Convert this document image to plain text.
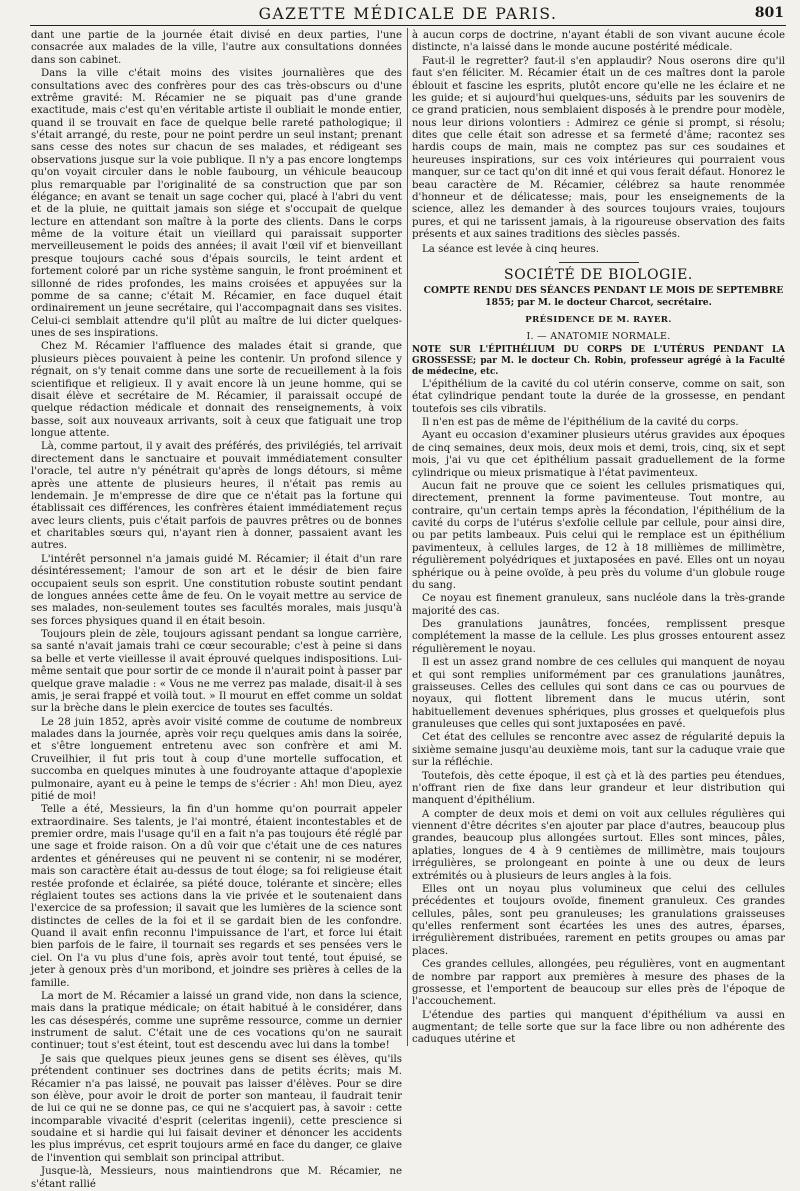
GAZETTE MÉDICALE DE PARIS.	801

dant une partie de la journée était divisé en deux parties, l'une consacrée aux malades de la ville, l'autre aux consultations données dans son cabinet.

Dans la ville c'était moins des visites journalières que des consultations avec des confrères pour des cas très-obscurs ou d'une extrême gravité: M. Récamier ne se piquait pas d'une grande exactitude, mais c'est qu'en véritable artiste il oubliait le monde entier, quand il se trouvait en face de quelque belle rareté pathologique; il s'était arrangé, du reste, pour ne point perdre un seul instant; prenant sans cesse des notes sur chacun de ses malades, et rédigeant ses observations jusque sur la voie publique. Il n'y a pas encore longtemps qu'on voyait circuler dans le noble faubourg, un véhicule beaucoup plus remarquable par l'originalité de sa construction que par son élégance; en avant se tenait un sage cocher qui, placé à l'abri du vent et de la pluie, ne quittait jamais son siége et s'occupait de quelque lecture en attendant son maître à la porte des clients. Dans le corps même de la voiture était un vieillard qui paraissait supporter merveilleusement le poids des années; il avait l'œil vif et bienveillant presque toujours caché sous d'épais sourcils, le teint ardent et fortement coloré par un riche système sanguin, le front proéminent et sillonné de rides profondes, les mains croisées et appuyées sur la pomme de sa canne; c'était M. Récamier, en face duquel était ordinairement un jeune secrétaire, qui l'accompagnait dans ses visites. Celui-ci semblait attendre qu'il plût au maître de lui dicter quelques-unes de ses inspirations.

Chez M. Récamier l'affluence des malades était si grande, que plusieurs pièces pouvaient à peine les contenir. Un profond silence y régnait, on s'y tenait comme dans une sorte de recueillement à la fois scientifique et religieux. Il y avait encore là un jeune homme, qui se disait élève et secrétaire de M. Récamier, il paraissait occupé de quelque rédaction médicale et donnait des renseignements, à voix basse, soit aux nouveaux arrivants, soit à ceux que fatiguait une trop longue attente.

Là, comme partout, il y avait des préférés, des privilégiés, tel arrivait directement dans le sanctuaire et pouvait immédiatement consulter l'oracle, tel autre n'y pénétrait qu'après de longs détours, si même après une attente de plusieurs heures, il n'était pas remis au lendemain. Je m'empresse de dire que ce n'était pas la fortune qui établissait ces différences, les confrères étaient immédiatement reçus avec leurs clients, puis c'était parfois de pauvres prêtres ou de bonnes et charitables sœurs qui, n'ayant rien à donner, passaient avant les autres.

L'intérêt personnel n'a jamais guidé M. Récamier; il était d'un rare désintéressement; l'amour de son art et le désir de bien faire occupaient seuls son esprit. Une constitution robuste soutint pendant de longues années cette âme de feu. On le voyait mettre au service de ses malades, non-seulement toutes ses facultés morales, mais jusqu'à ses forces physiques quand il en était besoin.

Toujours plein de zèle, toujours agissant pendant sa longue carrière, sa santé n'avait jamais trahi ce cœur secourable; c'est à peine si dans sa belle et verte vieillesse il avait éprouvé quelques indispositions. Lui-même sentait que pour sortir de ce monde il n'aurait point à passer par quelque grave maladie : « Vous ne me verrez pas malade, disait-il à ses amis, je serai frappé et voilà tout. » Il mourut en effet comme un soldat sur la brèche dans le plein exercice de toutes ses facultés.

Le 28 juin 1852, après avoir visité comme de coutume de nombreux malades dans la journée, après voir reçu quelques amis dans la soirée, et s'être longuement entretenu avec son confrère et ami M. Cruveilhier, il fut pris tout à coup d'une mortelle suffocation, et succomba en quelques minutes à une foudroyante attaque d'apoplexie pulmonaire, ayant eu à peine le temps de s'écrier : Ah! mon Dieu, ayez pitié de moi!

Telle a été, Messieurs, la fin d'un homme qu'on pourrait appeler extraordinaire. Ses talents, je l'ai montré, étaient incontestables et de premier ordre, mais l'usage qu'il en a fait n'a pas toujours été réglé par une sage et froide raison. On a dû voir que c'était une de ces natures ardentes et généreuses qui ne peuvent ni se contenir, ni se modérer, mais son caractère était au-dessus de tout éloge; sa foi religieuse était restée profonde et éclairée, sa piété douce, tolérante et sincère; elles réglaient toutes ses actions dans la vie privée et le soutenaient dans l'exercice de sa profession; il savait que les lumières de la science sont distinctes de celles de la foi et il se gardait bien de les confondre. Quand il avait enfin reconnu l'impuissance de l'art, et force lui était bien parfois de le faire, il tournait ses regards et ses pensées vers le ciel. On l'a vu plus d'une fois, après avoir tout tenté, tout épuisé, se jeter à genoux près d'un moribond, et joindre ses prières à celles de la famille.

La mort de M. Récamier a laissé un grand vide, non dans la science, mais dans la pratique médicale; on était habitué à le considérer, dans les cas désespérés, comme une suprême ressource, comme un dernier instrument de salut. C'était une de ces vocations qu'on ne saurait continuer; tout s'est éteint, tout est descendu avec lui dans la tombe!

Je sais que quelques pieux jeunes gens se disent ses élèves, qu'ils prétendent continuer ses doctrines dans de petits écrits; mais M. Récamier n'a pas laissé, ne pouvait pas laisser d'élèves. Pour se dire son élève, pour avoir le droit de porter son manteau, il faudrait tenir de lui ce qui ne se donne pas, ce qui ne s'acquiert pas, à savoir : cette incomparable vivacité d'esprit (celeritas ingenii), cette prescience si soudaine et si hardie qui lui faisait deviner et dénoncer les accidents les plus imprévus, cet esprit toujours armé en face du danger, ce glaive de l'invention qui semblait son principal attribut.

Jusque-là, Messieurs, nous maintiendrons que M. Récamier, ne s'étant rallié

à aucun corps de doctrine, n'ayant établi de son vivant aucune école distincte, n'a laissé dans le monde aucune postérité médicale.

Faut-il le regretter? faut-il s'en applaudir? Nous oserons dire qu'il faut s'en féliciter. M. Récamier était un de ces maîtres dont la parole éblouit et fascine les esprits, plutôt encore qu'elle ne les éclaire et ne les guide; et si aujourd'hui quelques-uns, séduits par les souvenirs de ce grand praticien, nous semblaient disposés à le prendre pour modèle, nous leur dirions volontiers : Admirez ce génie si prompt, si résolu; dites que celle était son adresse et sa fermeté d'âme; racontez ses hardis coups de main, mais ne comptez pas sur ces soudaines et heureuses inspirations, sur ces voix intérieures qui pourraient vous manquer, sur ce tact qu'on dit inné et qui vous ferait défaut. Honorez le beau caractère de M. Récamier, célébrez sa haute renommée d'honneur et de délicatesse; mais, pour les enseignements de la science, allez les demander à des sources toujours vraies, toujours pures, et qui ne tarissent jamais, à la rigoureuse observation des faits présents et aux saines traditions des siècles passés.

La séance est levée à cinq heures.

SOCIÉTÉ DE BIOLOGIE.

COMPTE RENDU DES SÉANCES PENDANT LE MOIS DE SEPTEMBRE 1855; par M. le docteur Charcot, secrétaire.

PRÉSIDENCE DE M. RAYER.
I. — ANATOMIE NORMALE.

NOTE SUR L'ÉPITHÉLIUM DU CORPS DE L'UTÉRUS PENDANT LA GROSSESSE; par M. le docteur Ch. Robin, professeur agrégé à la Faculté de médecine, etc.

L'épithélium de la cavité du col utérin conserve, comme on sait, son état cylindrique pendant toute la durée de la grossesse, en pendant toutefois ses cils vibratils.

Il n'en est pas de même de l'épithélium de la cavité du corps.

Ayant eu occasion d'examiner plusieurs utérus gravides aux époques de cinq semaines, deux mois, deux mois et demi, trois, cinq, six et sept mois, j'ai vu que cet épithélium passait graduellement de la forme cylindrique ou mieux prismatique à l'état pavimenteux.

Aucun fait ne prouve que ce soient les cellules prismatiques qui, directement, prennent la forme pavimenteuse. Tout montre, au contraire, qu'un certain temps après la fécondation, l'épithélium de la cavité du corps de l'utérus s'exfolie cellule par cellule, pour ainsi dire, ou par petits lambeaux. Puis celui qui le remplace est un épithélium pavimenteux, à cellules larges, de 12 à 18 millièmes de millimètre, régulièrement polyédriques et juxtaposées en pavé. Elles ont un noyau sphérique ou à peine ovoïde, à peu près du volume d'un globule rouge du sang.

Ce noyau est finement granuleux, sans nucléole dans la très-grande majorité des cas.

Des granulations jaunâtres, foncées, remplissent presque complétement la masse de la cellule. Les plus grosses entourent assez régulièrement le noyau.

Il est un assez grand nombre de ces cellules qui manquent de noyau et qui sont remplies uniformément par ces granulations jaunâtres, graisseuses. Celles des cellules qui sont dans ce cas ou pourvues de noyaux, qui flottent librement dans le mucus utérin, sont habituellement devenues sphériques, plus grosses et quelquefois plus granuleuses que celles qui sont juxtaposées en pavé.

Cet état des cellules se rencontre avec assez de régularité depuis la sixième semaine jusqu'au deuxième mois, tant sur la caduque vraie que sur la réfléchie.

Toutefois, dès cette époque, il est çà et là des parties peu étendues, n'offrant rien de fixe dans leur grandeur et leur distribution qui manquent d'épithélium.

A compter de deux mois et demi on voit aux cellules régulières qui viennent d'être décrites s'en ajouter par place d'autres, beaucoup plus grandes, beaucoup plus allongées surtout. Elles sont minces, pâles, aplaties, longues de 4 à 9 centièmes de millimètre, mais toujours irrégulières, se prolongeant en pointe à une ou deux de leurs extrémités ou à plusieurs de leurs angles à la fois.

Elles ont un noyau plus volumineux que celui des cellules précédentes et toujours ovoïde, finement granuleux. Ces grandes cellules, pâles, sont peu granuleuses; les granulations graisseuses qu'elles renferment sont écartées les unes des autres, éparses, irrégulièrement distribuées, rarement en petits groupes ou amas par places.

Ces grandes cellules, allongées, peu régulières, vont en augmentant de nombre par rapport aux premières à mesure des phases de la grossesse, et l'emportent de beaucoup sur elles près de l'époque de l'accouchement.

L'étendue des parties qui manquent d'épithélium va aussi en augmentant; de telle sorte que sur la face libre ou non adhérente des caduques utérine et
